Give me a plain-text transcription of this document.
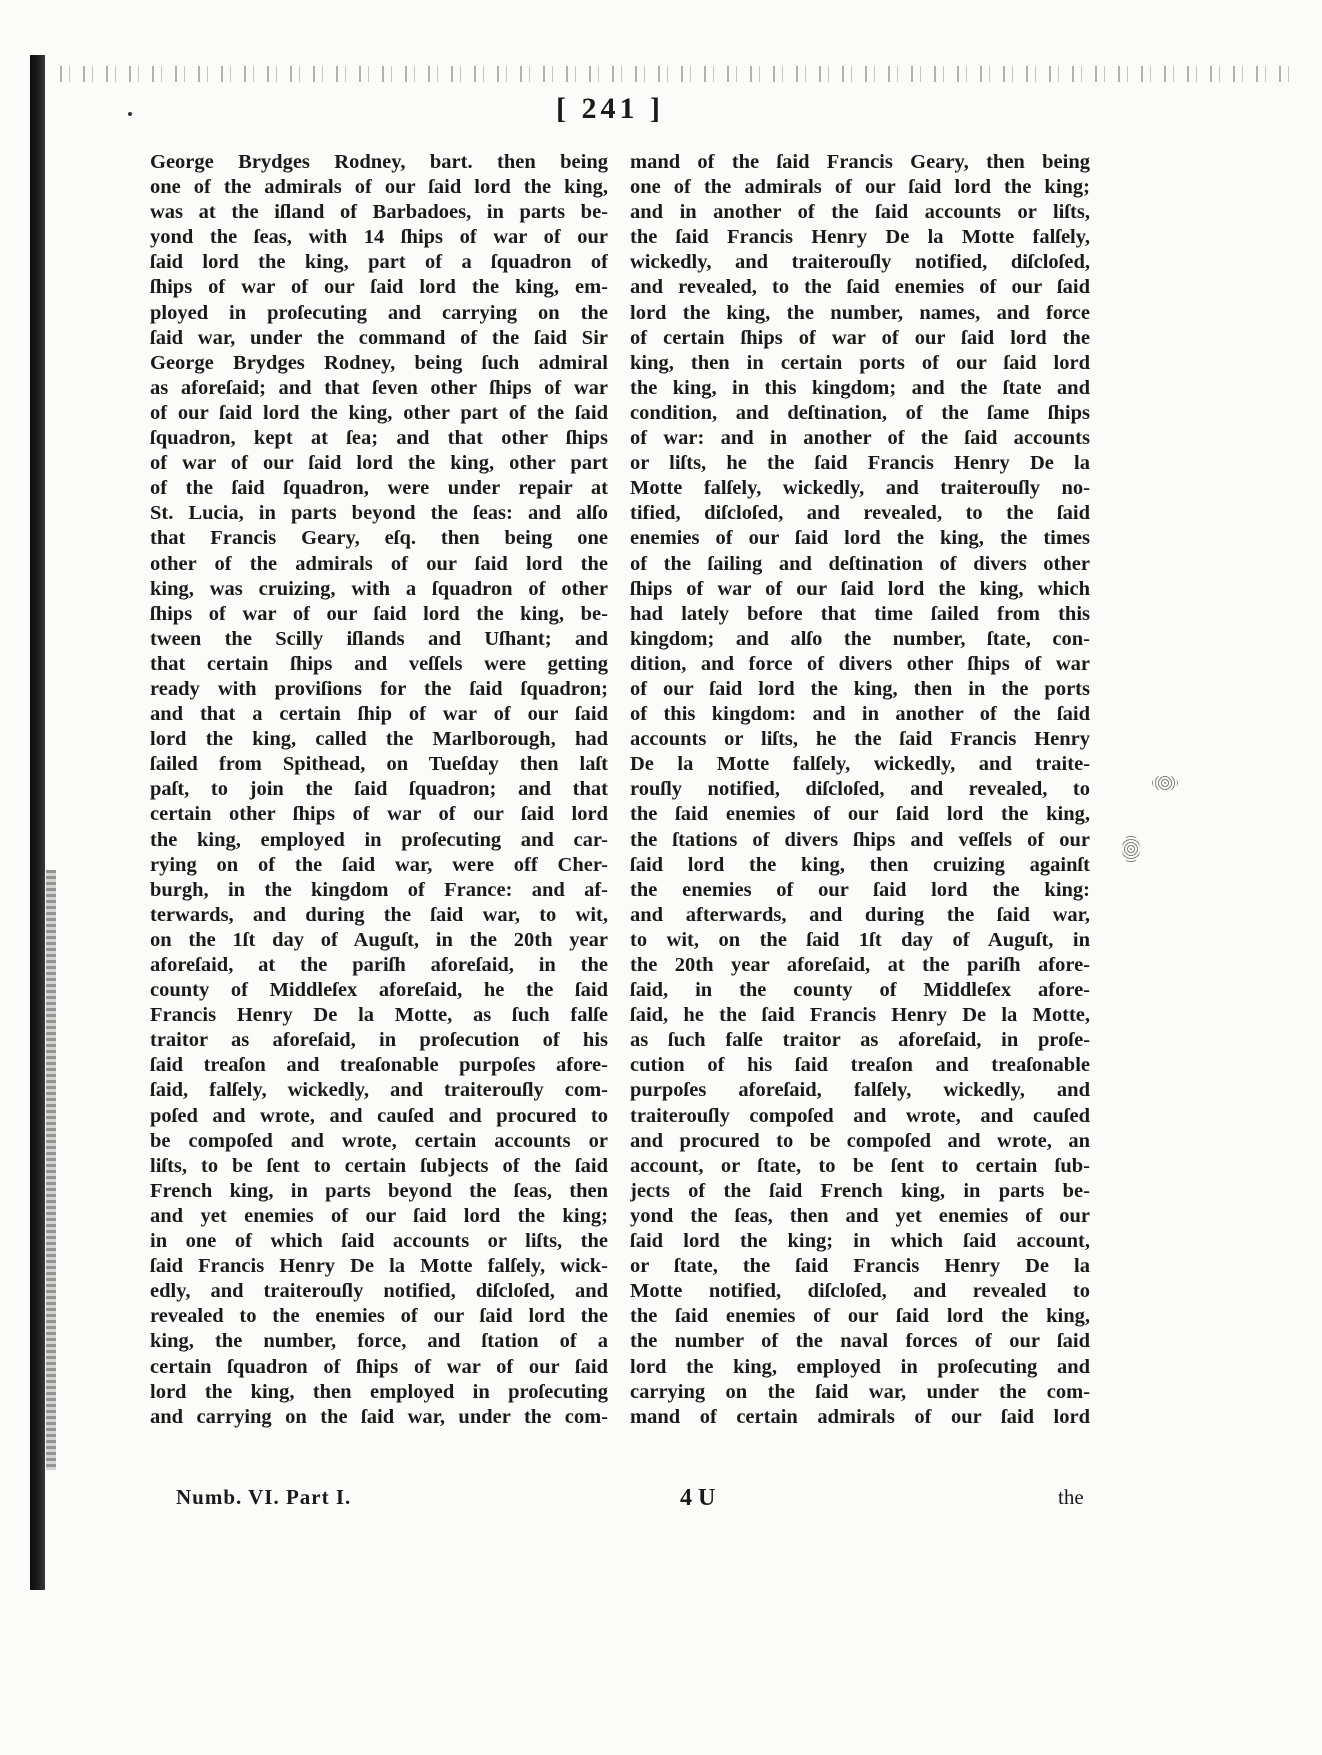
[ 241 ]
George Brydges Rodney, bart. then being
one of the admirals of our ſaid lord the king,
was at the iſland of Barbadoes, in parts be-
yond the ſeas, with 14 ſhips of war of our
ſaid lord the king, part of a ſquadron of
ſhips of war of our ſaid lord the king, em-
ployed in proſecuting and carrying on the
ſaid war, under the command of the ſaid Sir
George Brydges Rodney, being ſuch admiral
as aforeſaid; and that ſeven other ſhips of war
of our ſaid lord the king, other part of the ſaid
ſquadron, kept at ſea; and that other ſhips
of war of our ſaid lord the king, other part
of the ſaid ſquadron, were under repair at
St. Lucia, in parts beyond the ſeas: and alſo
that Francis Geary, eſq. then being one
other of the admirals of our ſaid lord the
king, was cruizing, with a ſquadron of other
ſhips of war of our ſaid lord the king, be-
tween the Scilly iſlands and Uſhant; and
that certain ſhips and veſſels were getting
ready with proviſions for the ſaid ſquadron;
and that a certain ſhip of war of our ſaid
lord the king, called the Marlborough, had
ſailed from Spithead, on Tueſday then laſt
paſt, to join the ſaid ſquadron; and that
certain other ſhips of war of our ſaid lord
the king, employed in proſecuting and car-
rying on of the ſaid war, were off Cher-
burgh, in the kingdom of France: and af-
terwards, and during the ſaid war, to wit,
on the 1ſt day of Auguſt, in the 20th year
aforeſaid, at the pariſh aforeſaid, in the
county of Middleſex aforeſaid, he the ſaid
Francis Henry De la Motte, as ſuch falſe
traitor as aforeſaid, in proſecution of his
ſaid treaſon and treaſonable purpoſes afore-
ſaid, falſely, wickedly, and traiterouſly com-
poſed and wrote, and cauſed and procured to
be compoſed and wrote, certain accounts or
liſts, to be ſent to certain ſubjects of the ſaid
French king, in parts beyond the ſeas, then
and yet enemies of our ſaid lord the king;
in one of which ſaid accounts or liſts, the
ſaid Francis Henry De la Motte falſely, wick-
edly, and traiterouſly notified, diſcloſed, and
revealed to the enemies of our ſaid lord the
king, the number, force, and ſtation of a
certain ſquadron of ſhips of war of our ſaid
lord the king, then employed in proſecuting
and carrying on the ſaid war, under the com-
mand of the ſaid Francis Geary, then being
one of the admirals of our ſaid lord the king;
and in another of the ſaid accounts or liſts,
the ſaid Francis Henry De la Motte falſely,
wickedly, and traiterouſly notified, diſcloſed,
and revealed, to the ſaid enemies of our ſaid
lord the king, the number, names, and force
of certain ſhips of war of our ſaid lord the
king, then in certain ports of our ſaid lord
the king, in this kingdom; and the ſtate and
condition, and deſtination, of the ſame ſhips
of war: and in another of the ſaid accounts
or liſts, he the ſaid Francis Henry De la
Motte falſely, wickedly, and traiterouſly no-
tified, diſcloſed, and revealed, to the ſaid
enemies of our ſaid lord the king, the times
of the ſailing and deſtination of divers other
ſhips of war of our ſaid lord the king, which
had lately before that time ſailed from this
kingdom; and alſo the number, ſtate, con-
dition, and force of divers other ſhips of war
of our ſaid lord the king, then in the ports
of this kingdom: and in another of the ſaid
accounts or liſts, he the ſaid Francis Henry
De la Motte falſely, wickedly, and traite-
rouſly notified, diſcloſed, and revealed, to
the ſaid enemies of our ſaid lord the king,
the ſtations of divers ſhips and veſſels of our
ſaid lord the king, then cruizing againſt
the enemies of our ſaid lord the king:
and afterwards, and during the ſaid war,
to wit, on the ſaid 1ſt day of Auguſt, in
the 20th year aforeſaid, at the pariſh afore-
ſaid, in the county of Middleſex afore-
ſaid, he the ſaid Francis Henry De la Motte,
as ſuch falſe traitor as aforeſaid, in proſe-
cution of his ſaid treaſon and treaſonable
purpoſes aforeſaid, falſely, wickedly, and
traiterouſly compoſed and wrote, and cauſed
and procured to be compoſed and wrote, an
account, or ſtate, to be ſent to certain ſub-
jects of the ſaid French king, in parts be-
yond the ſeas, then and yet enemies of our
ſaid lord the king; in which ſaid account,
or ſtate, the ſaid Francis Henry De la
Motte notified, diſcloſed, and revealed to
the ſaid enemies of our ſaid lord the king,
the number of the naval forces of our ſaid
lord the king, employed in proſecuting and
carrying on the ſaid war, under the com-
mand of certain admirals of our ſaid lord
Numb. VI. Part I.	4 U	the
